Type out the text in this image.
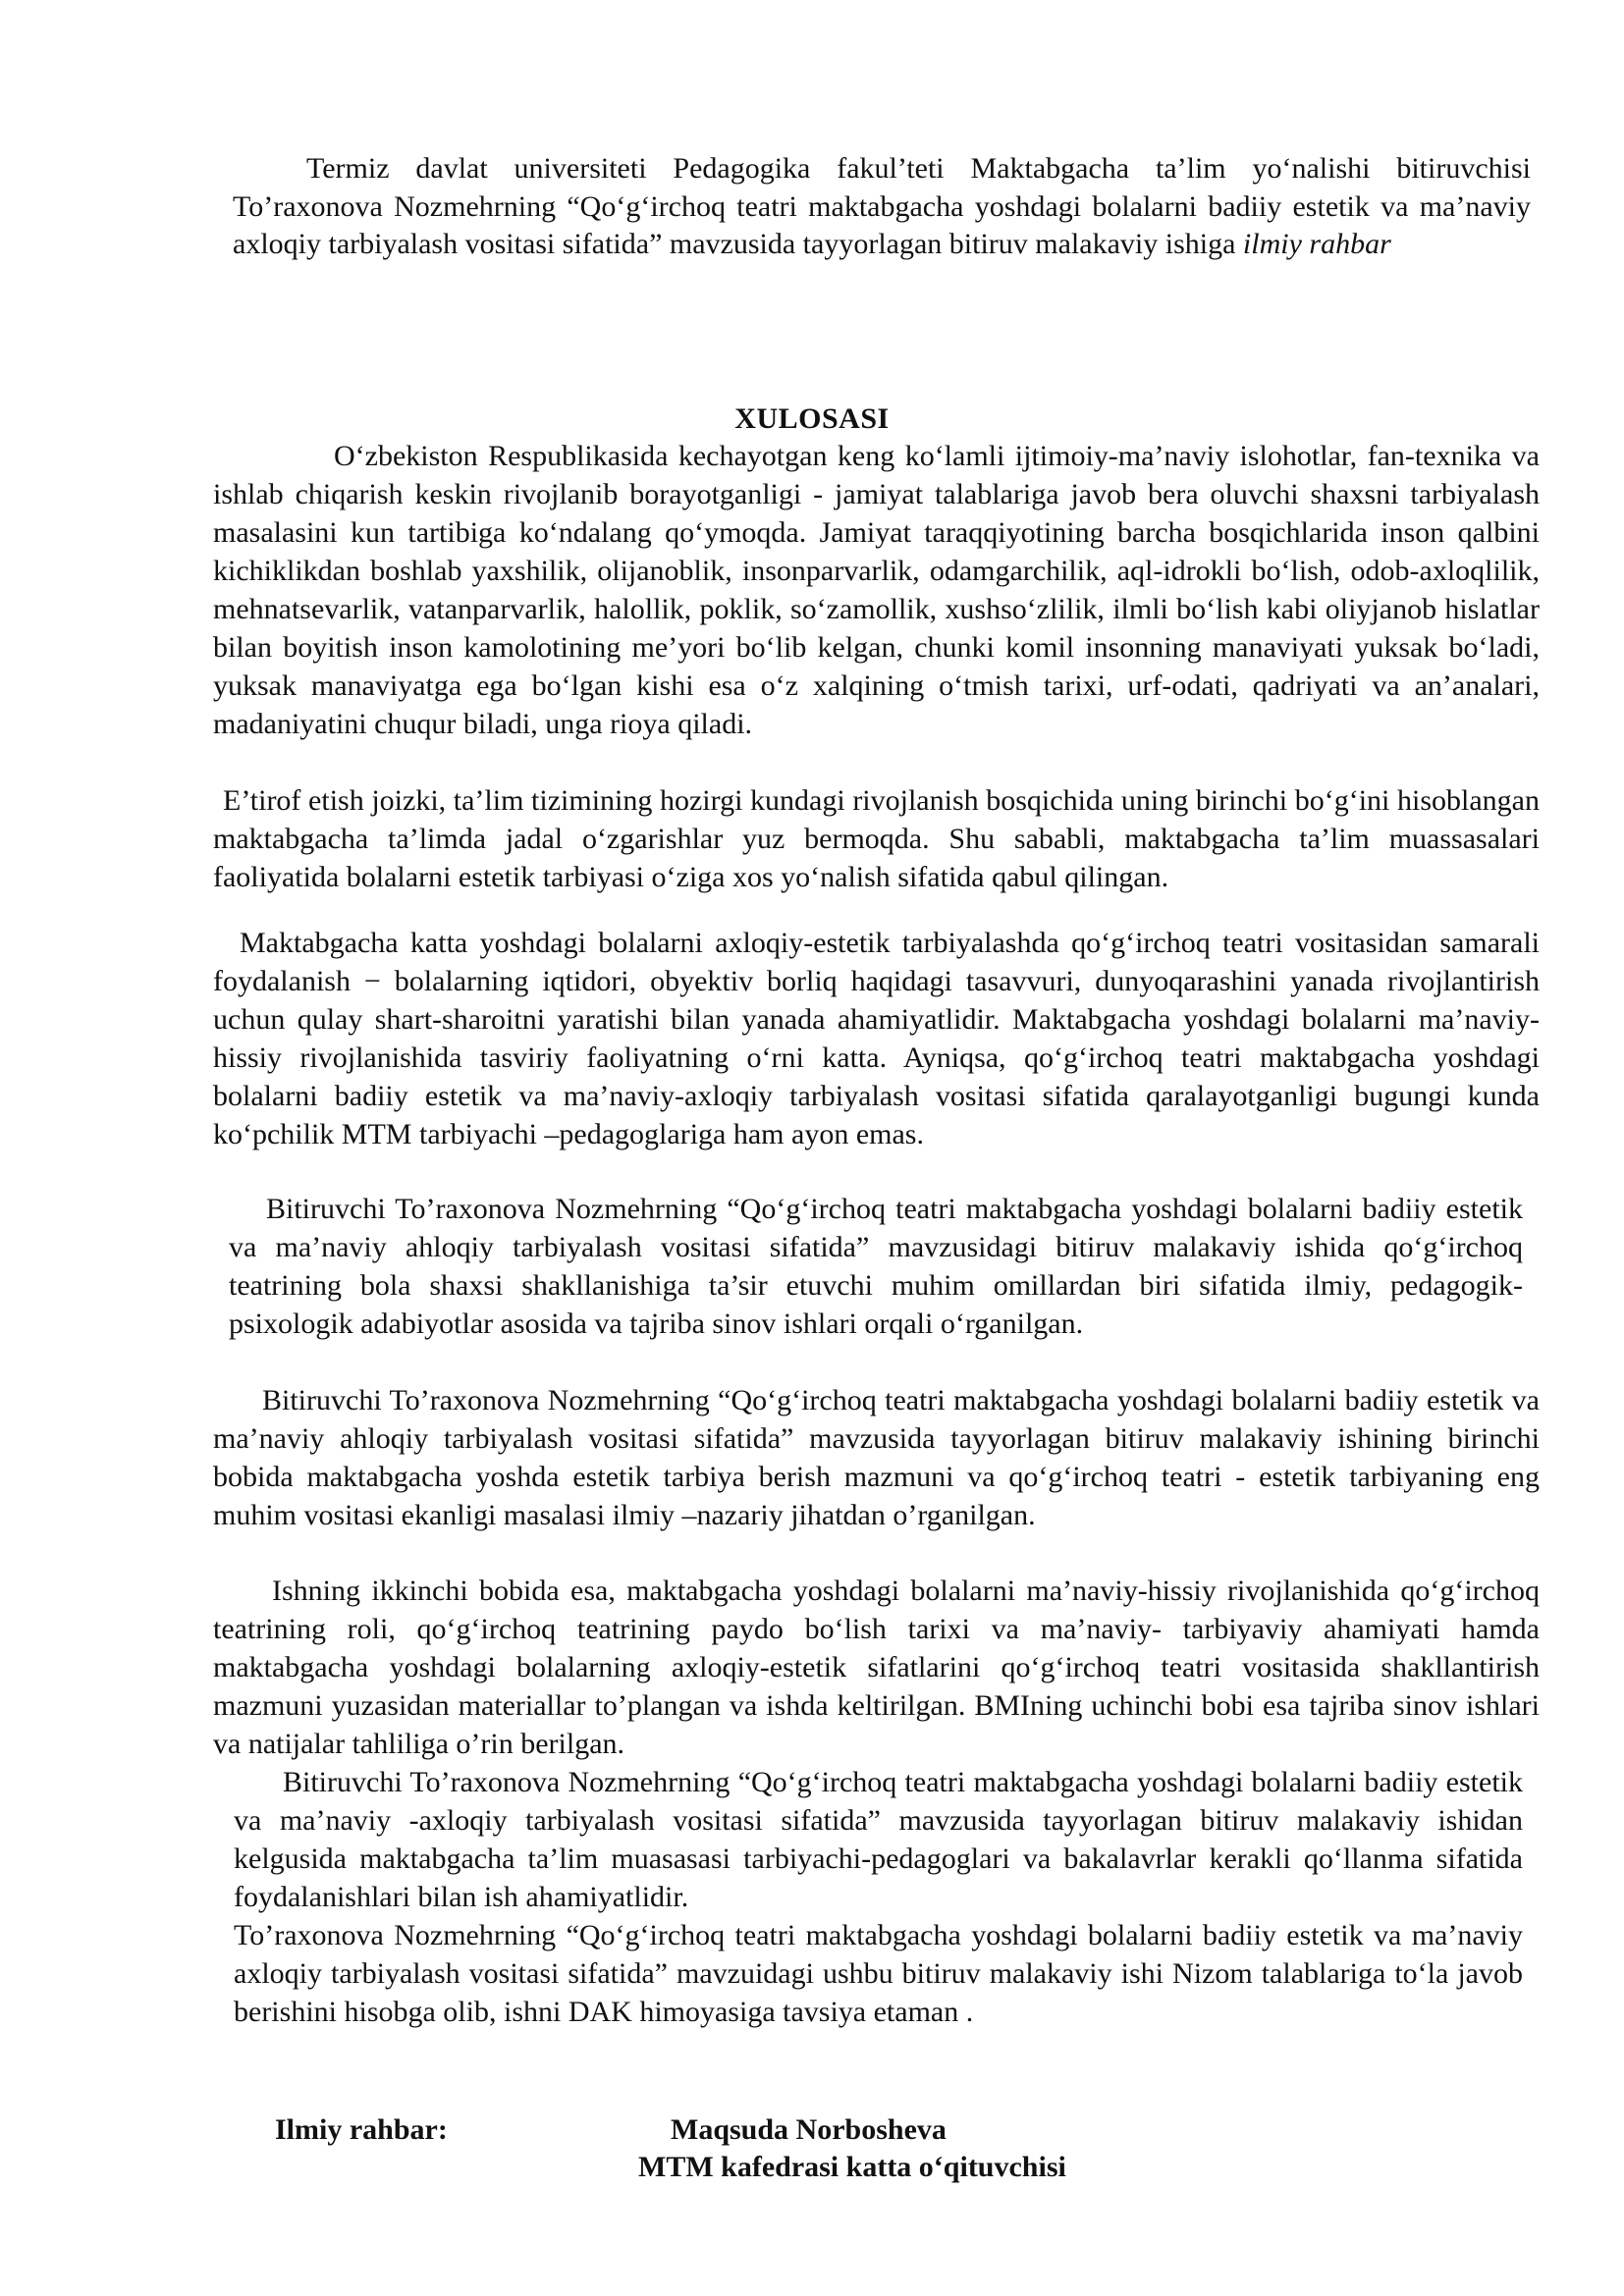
Termiz davlat universiteti Pedagogika fakul’teti Maktabgacha ta’lim yo‘nalishi bitiruvchisi To’raxonova Nozmehrning “Qo‘g‘irchoq teatri maktabgacha yoshdagi bolalarni badiiy estetik va ma’naviy axloqiy tarbiyalash vositasi sifatida” mavzusida tayyorlagan bitiruv malakaviy ishiga ilmiy rahbar
XULOSASI
O‘zbekiston Respublikasida kechayotgan keng ko‘lamli ijtimoiy-ma’naviy islohotlar, fan-texnika va ishlab chiqarish keskin rivojlanib borayotganligi - jamiyat talablariga javob bera oluvchi shaxsni tarbiyalash masalasini kun tartibiga ko‘ndalang qo‘ymoqda. Jamiyat taraqqiyotining barcha bosqichlarida inson qalbini kichiklikdan boshlab yaxshilik, olijanoblik, insonparvarlik, odamgarchilik, aql-idrokli bo‘lish, odob-axloqlilik, mehnatsevarlik, vatanparvarlik, halollik, poklik, so‘zamollik, xushso‘zlilik, ilmli bo‘lish kabi oliyjanob hislatlar bilan boyitish inson kamolotining me’yori bo‘lib kelgan, chunki komil insonning manaviyati yuksak bo‘ladi, yuksak manaviyatga ega bo‘lgan kishi esa o‘z xalqining o‘tmish tarixi, urf-odati, qadriyati va an’analari, madaniyatini chuqur biladi, unga rioya qiladi.
E’tirof etish joizki, ta’lim tizimining hozirgi kundagi rivojlanish bosqichida uning birinchi bo‘g‘ini hisoblangan maktabgacha ta’limda jadal o‘zgarishlar yuz bermoqda. Shu sababli, maktabgacha ta’lim muassasalari faoliyatida bolalarni estetik tarbiyasi o‘ziga xos yo‘nalish sifatida qabul qilingan.
Maktabgacha katta yoshdagi bolalarni axloqiy-estetik tarbiyalashda qo‘g‘irchoq teatri vositasidan samarali foydalanish − bolalarning iqtidori, obyektiv borliq haqidagi tasavvuri, dunyoqarashini yanada rivojlantirish uchun qulay shart-sharoitni yaratishi bilan yanada ahamiyatlidir. Maktabgacha yoshdagi bolalarni ma’naviy-hissiy rivojlanishida tasviriy faoliyatning o‘rni katta. Ayniqsa, qo‘g‘irchoq teatri maktabgacha yoshdagi bolalarni badiiy estetik va ma’naviy-axloqiy tarbiyalash vositasi sifatida qaralayotganligi bugungi kunda ko‘pchilik MTM tarbiyachi –pedagoglariga ham ayon emas.
Bitiruvchi To’raxonova Nozmehrning “Qo‘g‘irchoq teatri maktabgacha yoshdagi bolalarni badiiy estetik va ma’naviy ahloqiy tarbiyalash vositasi sifatida” mavzusidagi bitiruv malakaviy ishida qo‘g‘irchoq teatrining bola shaxsi shakllanishiga ta’sir etuvchi muhim omillardan biri sifatida ilmiy, pedagogik-psixologik adabiyotlar asosida va tajriba sinov ishlari orqali o‘rganilgan.
Bitiruvchi To’raxonova Nozmehrning “Qo‘g‘irchoq teatri maktabgacha yoshdagi bolalarni badiiy estetik va ma’naviy ahloqiy tarbiyalash vositasi sifatida” mavzusida tayyorlagan bitiruv malakaviy ishining birinchi bobida maktabgacha yoshda estetik tarbiya berish mazmuni va qo‘g‘irchoq teatri - estetik tarbiyaning eng muhim vositasi ekanligi masalasi ilmiy –nazariy jihatdan o’rganilgan.
Ishning ikkinchi bobida esa, maktabgacha yoshdagi bolalarni ma’naviy-hissiy rivojlanishida qo‘g‘irchoq teatrining roli, qo‘g‘irchoq teatrining paydo bo‘lish tarixi va ma’naviy- tarbiyaviy ahamiyati hamda maktabgacha yoshdagi bolalarning axloqiy-estetik sifatlarini qo‘g‘irchoq teatri vositasida shakllantirish mazmuni yuzasidan materiallar to’plangan va ishda keltirilgan. BMIning uchinchi bobi esa tajriba sinov ishlari va natijalar tahliliga o’rin berilgan.
Bitiruvchi To’raxonova Nozmehrning “Qo‘g‘irchoq teatri maktabgacha yoshdagi bolalarni badiiy estetik va ma’naviy -axloqiy tarbiyalash vositasi sifatida” mavzusida tayyorlagan bitiruv malakaviy ishidan kelgusida maktabgacha ta’lim muasasasi tarbiyachi-pedagoglari va bakalavrlar kerakli qo‘llanma sifatida foydalanishlari bilan ish ahamiyatlidir.
To’raxonova Nozmehrning “Qo‘g‘irchoq teatri maktabgacha yoshdagi bolalarni badiiy estetik va ma’naviy axloqiy tarbiyalash vositasi sifatida” mavzuidagi ushbu bitiruv malakaviy ishi Nizom talablariga to‘la javob berishini hisobga olib, ishni DAK himoyasiga tavsiya etaman .
Ilmiy rahbar:	Maqsuda Norbosheva
MTM kafedrasi katta o‘qituvchisi
